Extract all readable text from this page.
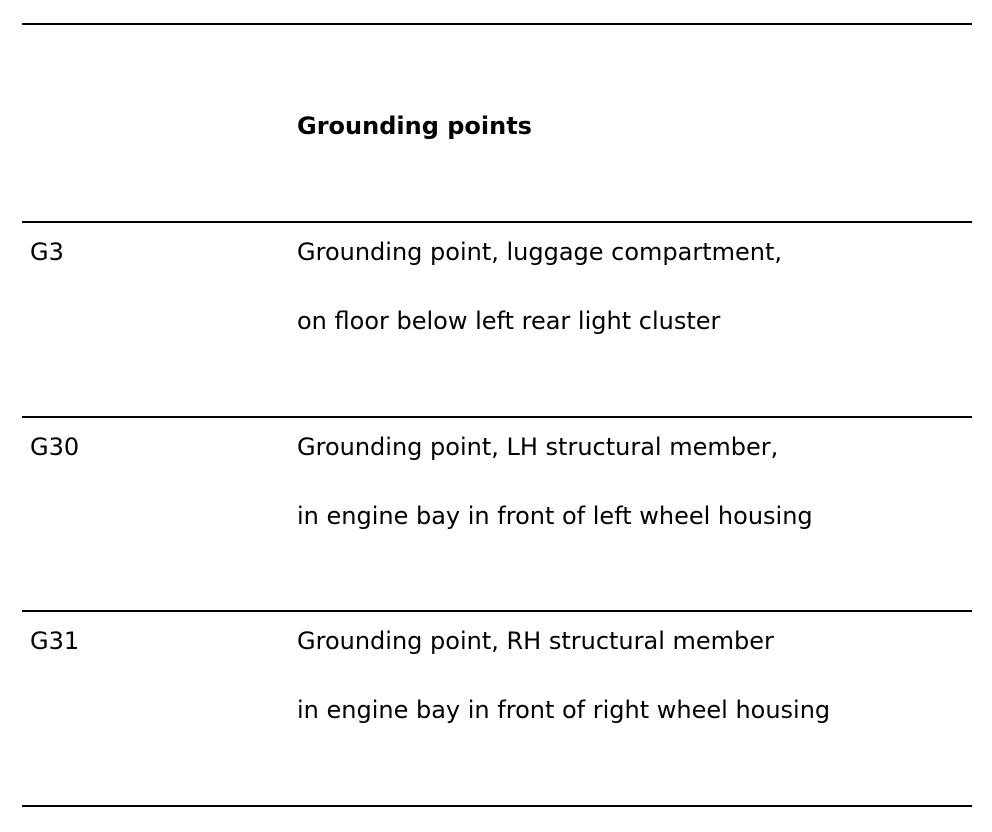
Grounding points
G3	Grounding point, luggage compartment,
on floor below left rear light cluster
G30	Grounding point, LH structural member,
in engine bay in front of left wheel housing
G31	Grounding point, RH structural member
in engine bay in front of right wheel housing
